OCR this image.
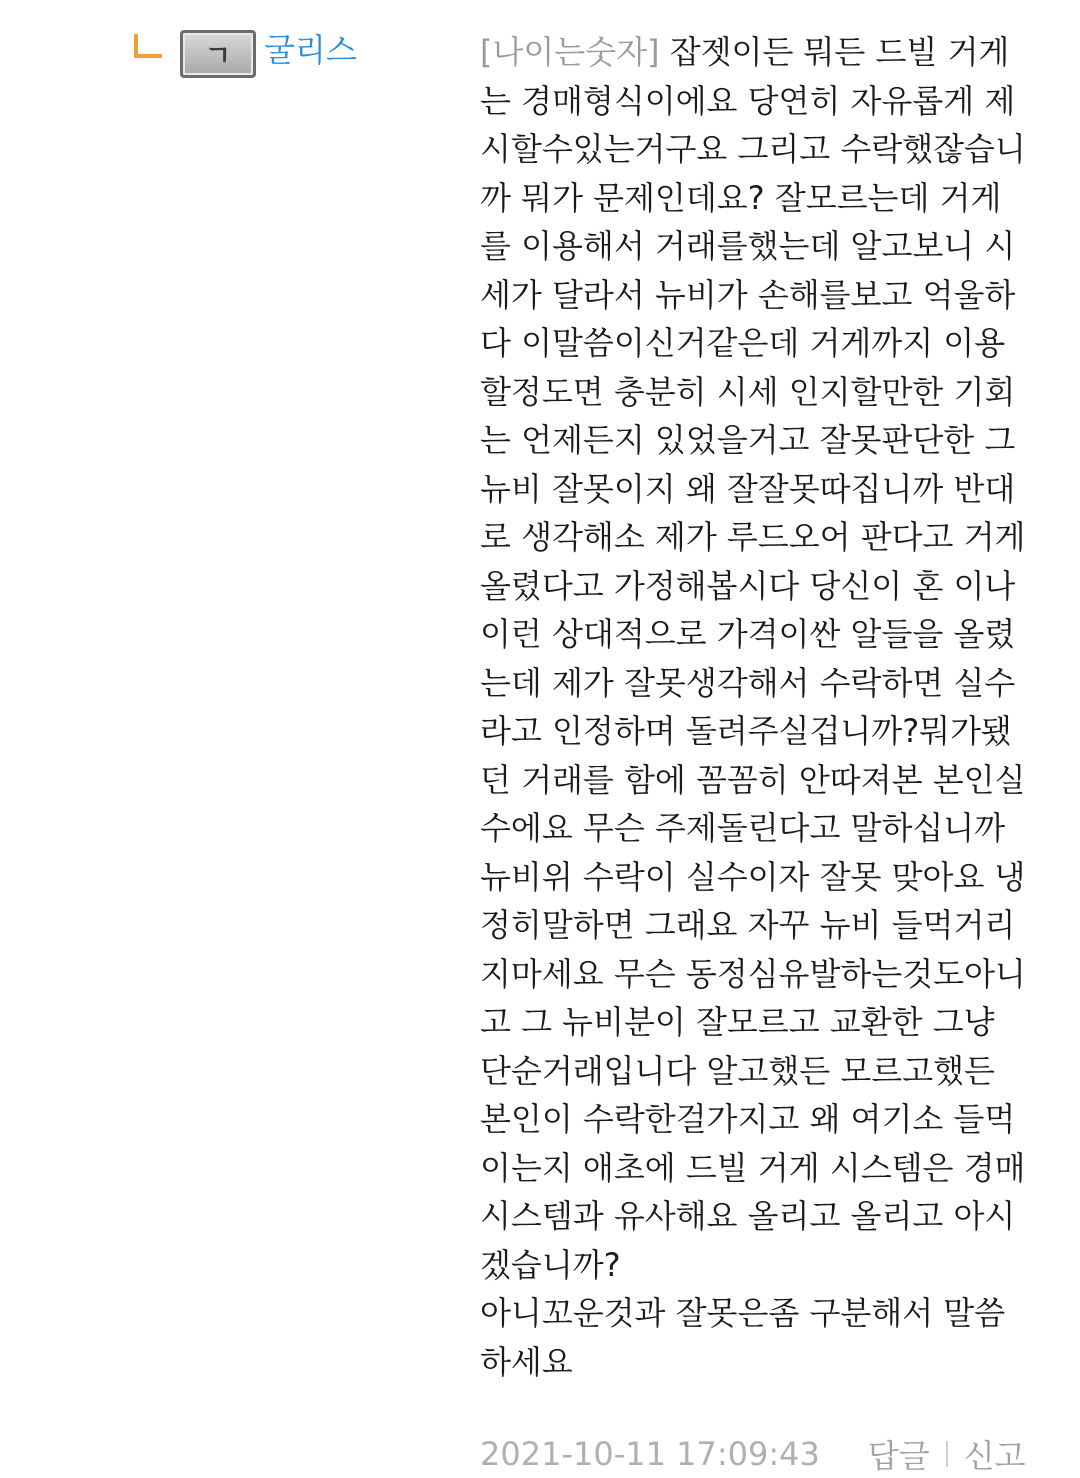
ㄱ	굴리스	[나이는숫자] 잡젯이든 뭐든 드빌 거게 는 경매형식이에요 당연히 자유롭게 제시할수있는거구요 그리고 수락했잖습니까 뭐가 문제인데요? 잘모르는데 거게를 이용해서 거래를했는데 알고보니 시세가 달라서 뉴비가 손해를보고 억울하다 이말씀이신거같은데 거게까지 이용할정도면 충분히 시세 인지할만한 기회는 언제든지 있었을거고 잘못판단한 그 뉴비 잘못이지 왜 잘잘못따집니까 반대로 생각해소 제가 루드오어 판다고 거게올렸다고 가정해봅시다 당신이 혼 이나 이런 상대적으로 가격이싼 알들을 올렸는데 제가 잘못생각해서 수락하면 실수라고 인정하며 돌려주실겁니까?뭐가됐던 거래를 함에 꼼꼼히 안따져본 본인실수에요 무슨 주제돌린다고 말하십니까
뉴비위 수락이 실수이자 잘못 맞아요 냉정히말하면 그래요 자꾸 뉴비 들먹거리지마세요 무슨 동정심유발하는것도아니고 그 뉴비분이 잘모르고 교환한 그냥 단순거래입니다 알고했든 모르고했든 본인이 수락한걸가지고 왜 여기소 들먹이는지 애초에 드빌 거게 시스템은 경매 시스템과 유사해요 올리고 올리고 아시겠습니까?
아니꼬운것과 잘못은좀 구분해서 말씀하세요
2021-10-11 17:09:43 답글 신고
